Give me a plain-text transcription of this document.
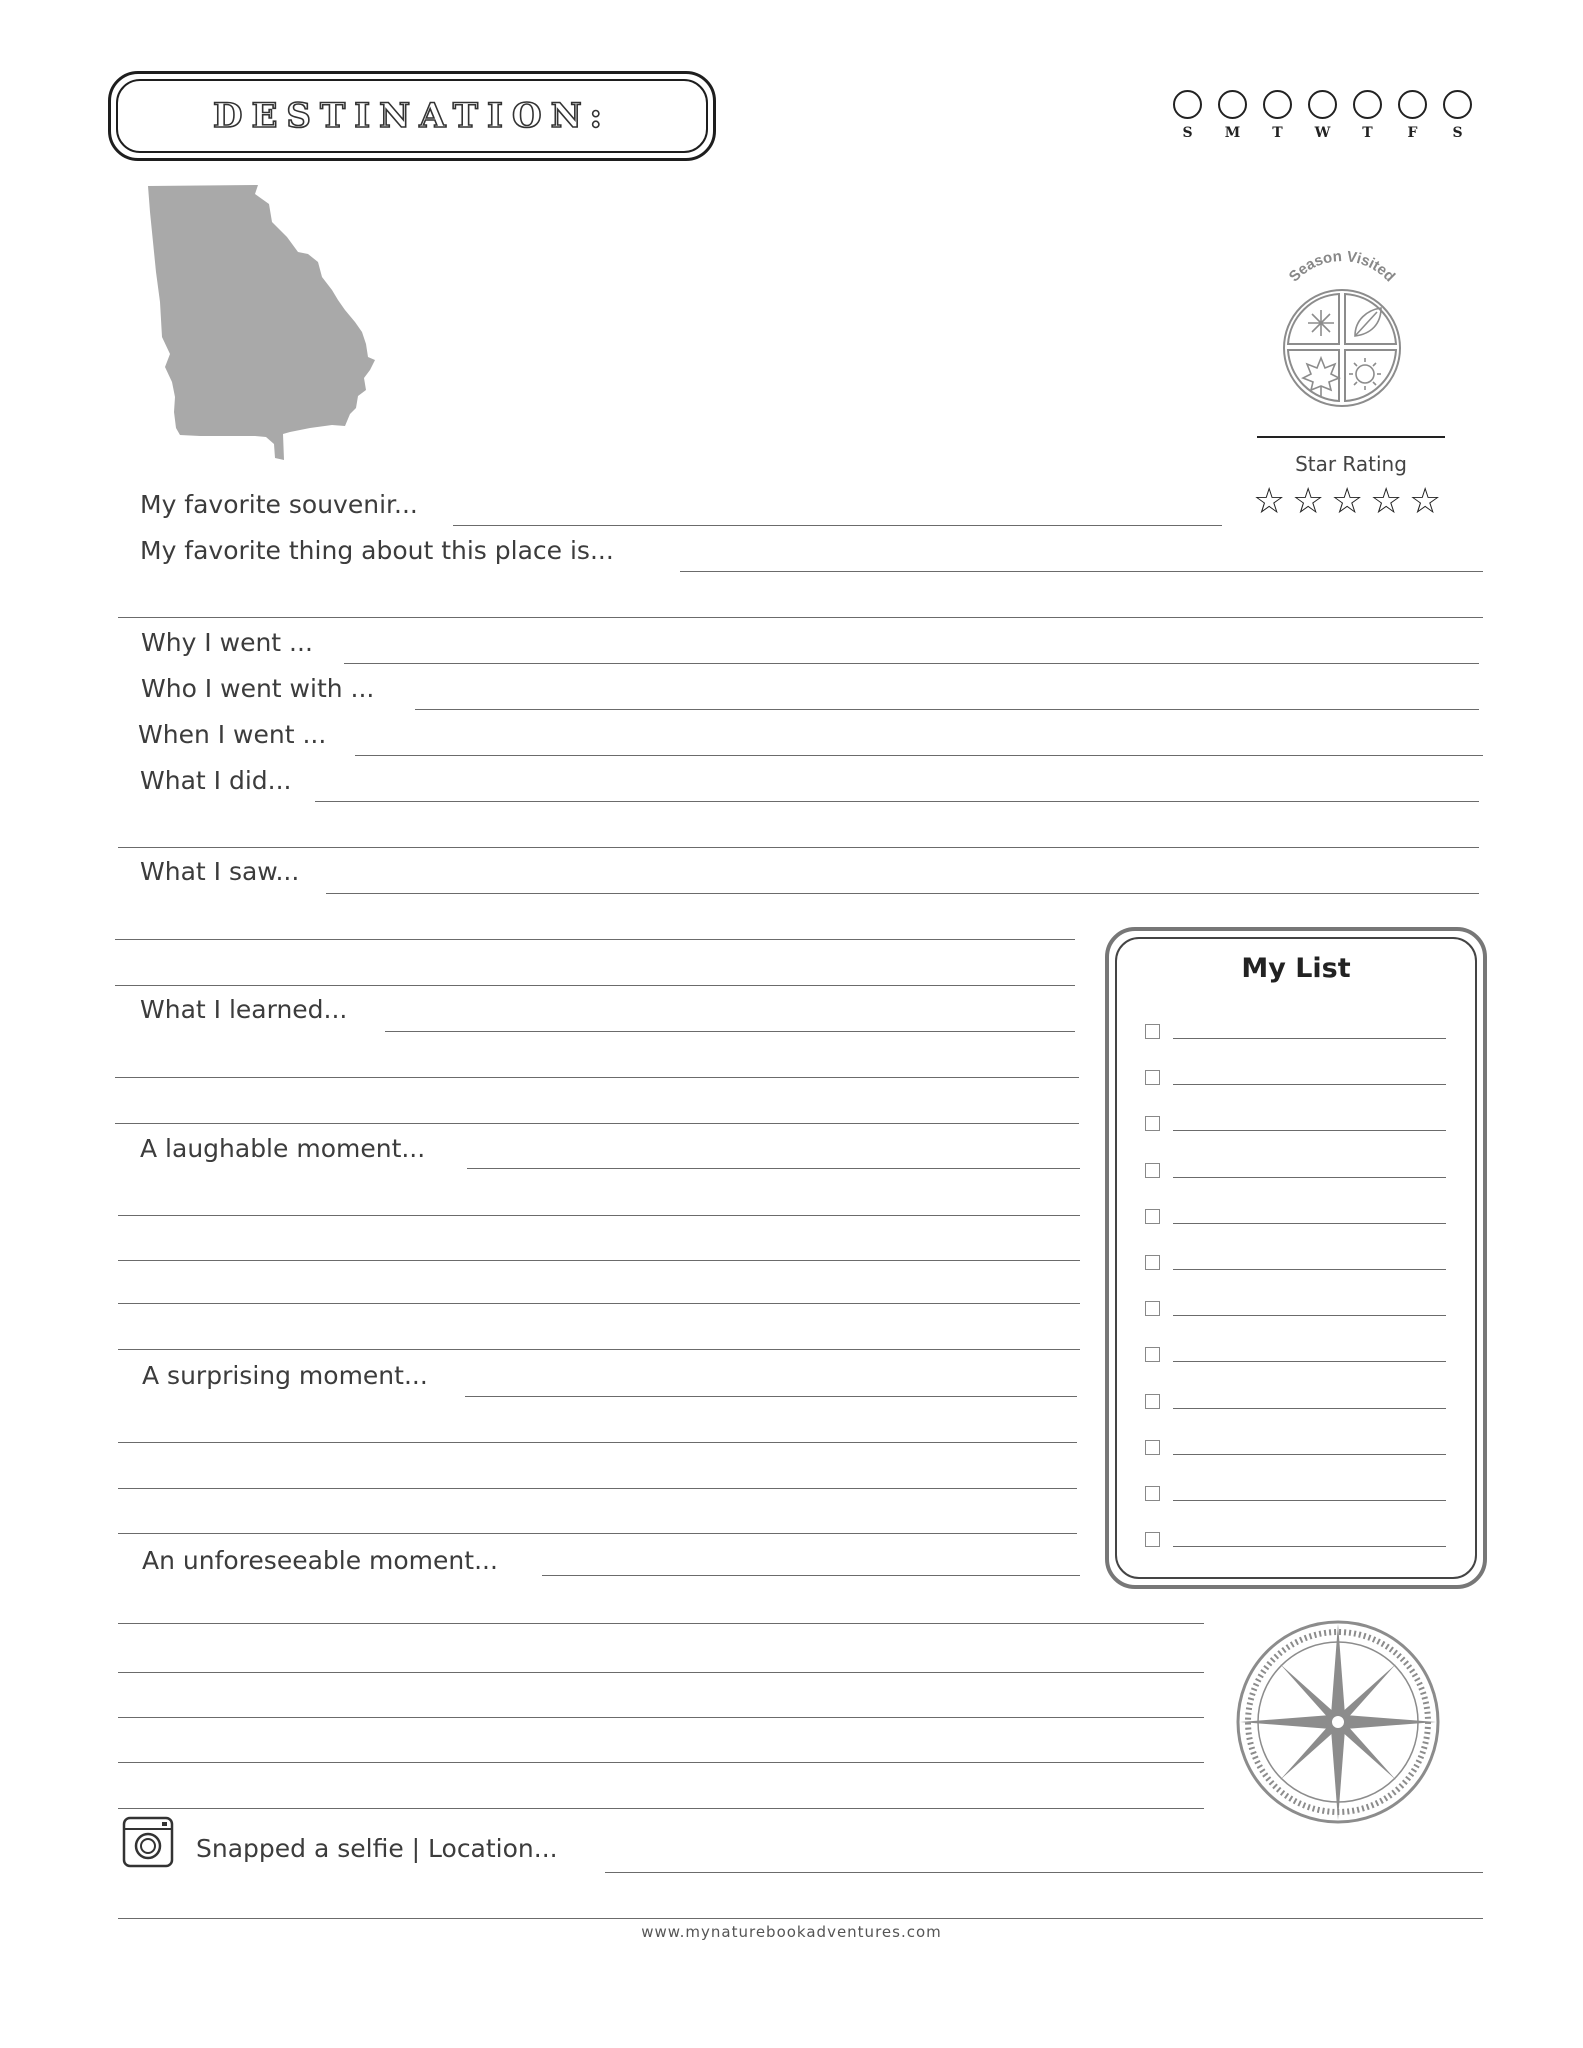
DESTINATION:	S	M	T	W	T	F	S
Season Visited
Star Rating
☆ ☆ ☆ ☆ ☆
My favorite souvenir...
My favorite thing about this place is...
Why I went ...
Who I went with ...
When I went ...
What I did...
What I saw...
What I learned...
A laughable moment...
A surprising moment...
An unforeseeable moment...
Snapped a selfie | Location...
My List
www.mynaturebookadventures.com
